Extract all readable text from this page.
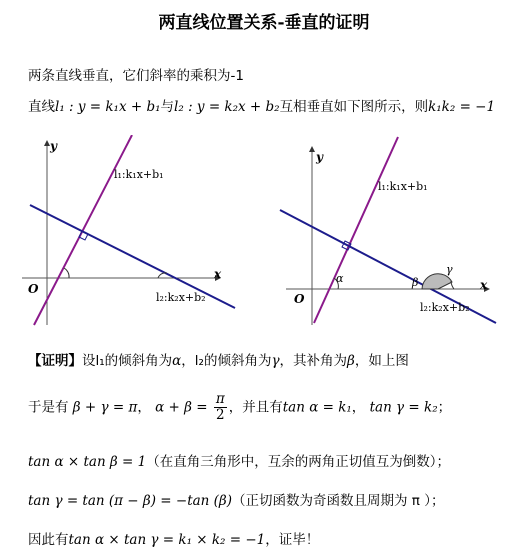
两直线位置关系-垂直的证明
两条直线垂直，它们斜率的乘积为-1
直线l₁ : y = k₁x + b₁与l₂ : y = k₂x + b₂互相垂直如下图所示，则k₁k₂ = −1
y
x
O
l₁:k₁x+b₁
l₂:k₂x+b₂
y
x
O
α	β
γ
l₁:k₁x+b₁
l₂:k₂x+b₂
【证明】设l₁的倾斜角为α，l₂的倾斜角为γ，其补角为β，如上图
于是有 β + γ = π， $\alpha + \beta = \frac{\pi}{2}$ ，并且有tan α = k₁， tan γ = k₂；
tan α × tan β = 1（在直角三角形中，互余的两角正切值互为倒数）；
tan γ = tan (π − β) = −tan (β)（正切函数为奇函数且周期为 π ）；
因此有tan α × tan γ = k₁ × k₂ = −1，证毕！
